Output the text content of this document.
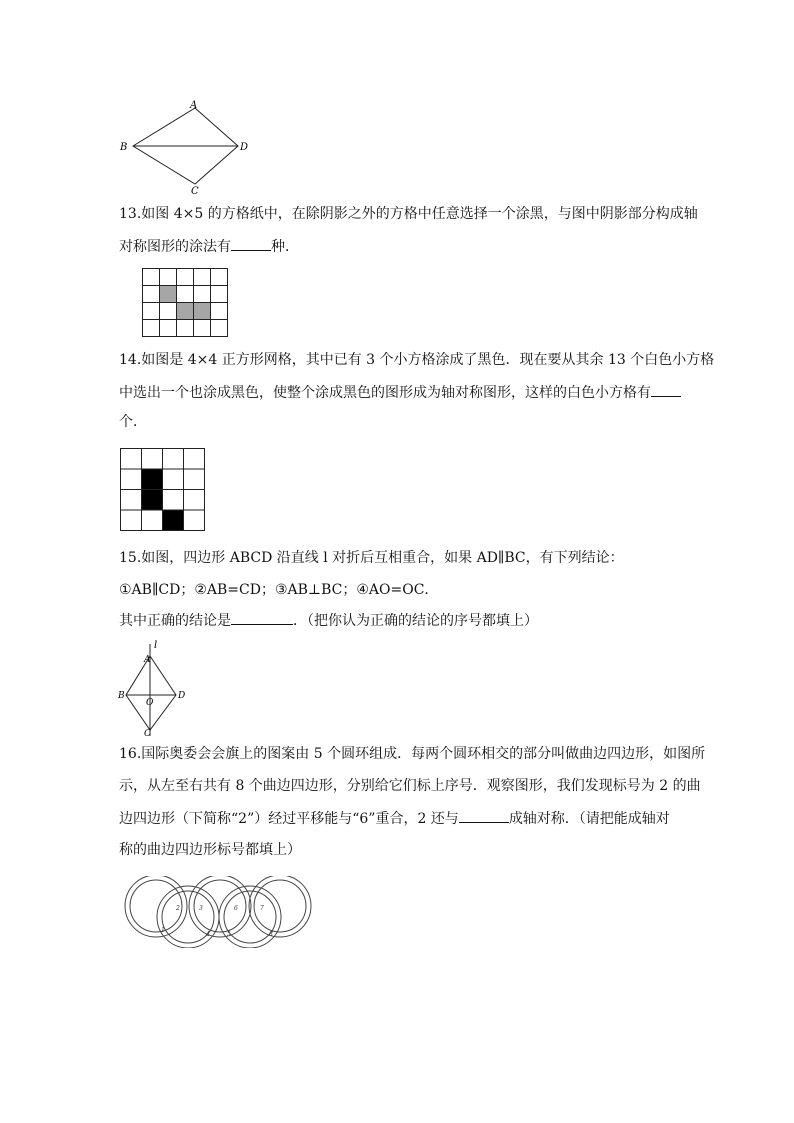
A
B
C
D
13.如图 4×5 的方格纸中，在除阴影之外的方格中任意选择一个涂黑，与图中阴影部分构成轴
对称图形的涂法有	种．
14.如图是 4×4 正方形网格，其中已有 3 个小方格涂成了黑色．现在要从其余 13 个白色小方格
中选出一个也涂成黑色，使整个涂成黑色的图形成为轴对称图形，这样的白色小方格有
个．
15.如图，四边形 ABCD 沿直线 l 对折后互相重合，如果 AD∥BC，有下列结论：
①AB∥CD；②AB=CD；③AB⊥BC；④AO=OC．
其中正确的结论是	．（把你认为正确的结论的序号都填上）
l
A
B	D
C
O
16.国际奥委会会旗上的图案由 5 个圆环组成．每两个圆环相交的部分叫做曲边四边形，如图所
示，从左至右共有 8 个曲边四边形，分别给它们标上序号．观察图形，我们发现标号为 2 的曲
边四边形（下简称“2”）经过平移能与“6”重合，2 还与	成轴对称．（请把能成轴对
称的曲边四边形标号都填上）
1
2	3
4	5
6	7
8
